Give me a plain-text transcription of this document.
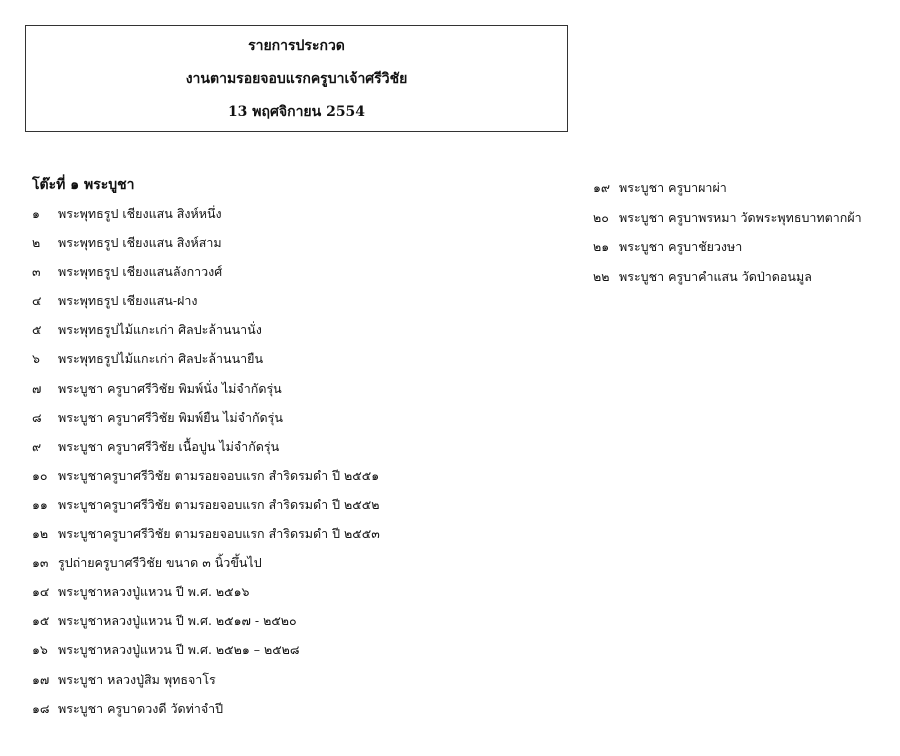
รายการประกวด
งานตามรอยจอบแรกครูบาเจ้าศรีวิชัย
13 พฤศจิกายน 2554
โต๊ะที่ ๑ พระบูชา
๑ พระพุทธรูป เชียงแสน สิงห์หนึ่ง
๒ พระพุทธรูป เชียงแสน สิงห์สาม
๓ พระพุทธรูป เชียงแสนลังกาวงศ์
๔ พระพุทธรูป เชียงแสน-ฝาง
๕ พระพุทธรูปไม้แกะเก่า ศิลปะล้านนานั่ง
๖ พระพุทธรูปไม้แกะเก่า ศิลปะล้านนายืน
๗ พระบูชา ครูบาศรีวิชัย พิมพ์นั่ง ไม่จำกัดรุ่น
๘ พระบูชา ครูบาศรีวิชัย พิมพ์ยืน ไม่จำกัดรุ่น
๙ พระบูชา ครูบาศรีวิชัย เนื้อปูน ไม่จำกัดรุ่น
๑๐ พระบูชาครูบาศรีวิชัย ตามรอยจอบแรก สำริดรมดำ ปี ๒๕๕๑
๑๑ พระบูชาครูบาศรีวิชัย ตามรอยจอบแรก สำริดรมดำ ปี ๒๕๕๒
๑๒ พระบูชาครูบาศรีวิชัย ตามรอยจอบแรก สำริดรมดำ ปี ๒๕๕๓
๑๓ รูปถ่ายครูบาศรีวิชัย ขนาด ๓ นิ้วขึ้นไป
๑๔ พระบูชาหลวงปู่แหวน ปี พ.ศ. ๒๕๑๖
๑๕ พระบูชาหลวงปู่แหวน ปี พ.ศ. ๒๕๑๗ - ๒๕๒๐
๑๖ พระบูชาหลวงปู่แหวน ปี พ.ศ. ๒๕๒๑ – ๒๕๒๘
๑๗ พระบูชา หลวงปู่สิม พุทธจาโร
๑๘ พระบูชา ครูบาดวงดี วัดท่าจำปี
๑๙ พระบูชา ครูบาผาผ่า
๒๐ พระบูชา ครูบาพรหมา วัดพระพุทธบาทตากผ้า
๒๑ พระบูชา ครูบาชัยวงษา
๒๒ พระบูชา ครูบาคำแสน วัดป่าดอนมูล
